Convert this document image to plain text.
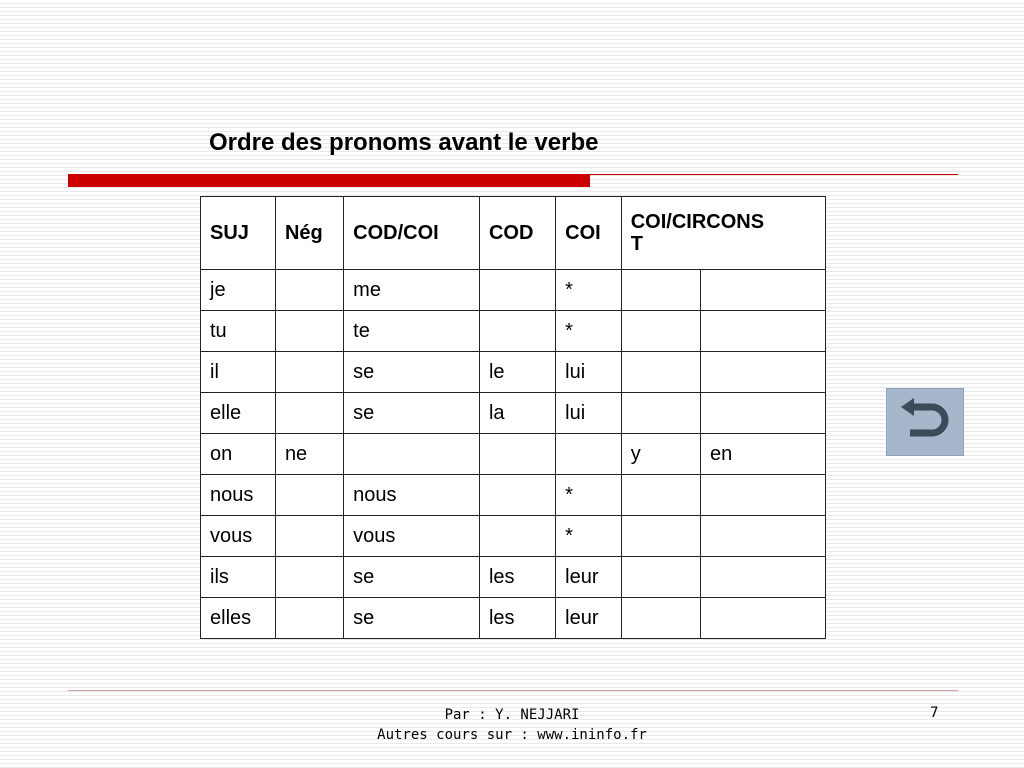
Ordre des pronoms avant le verbe
SUJ	Nég	COD/COI	COD	COI	COI/CIRCONS
T	
je		me		*		
tu		te		*		
il		se	le	lui		
elle		se	la	lui		
on	ne				y	en
nous		nous		*		
vous		vous		*		
ils		se	les	leur		
elles		se	les	leur		
Par : Y. NEJJARI
Autres cours sur : www.ininfo.fr
7
